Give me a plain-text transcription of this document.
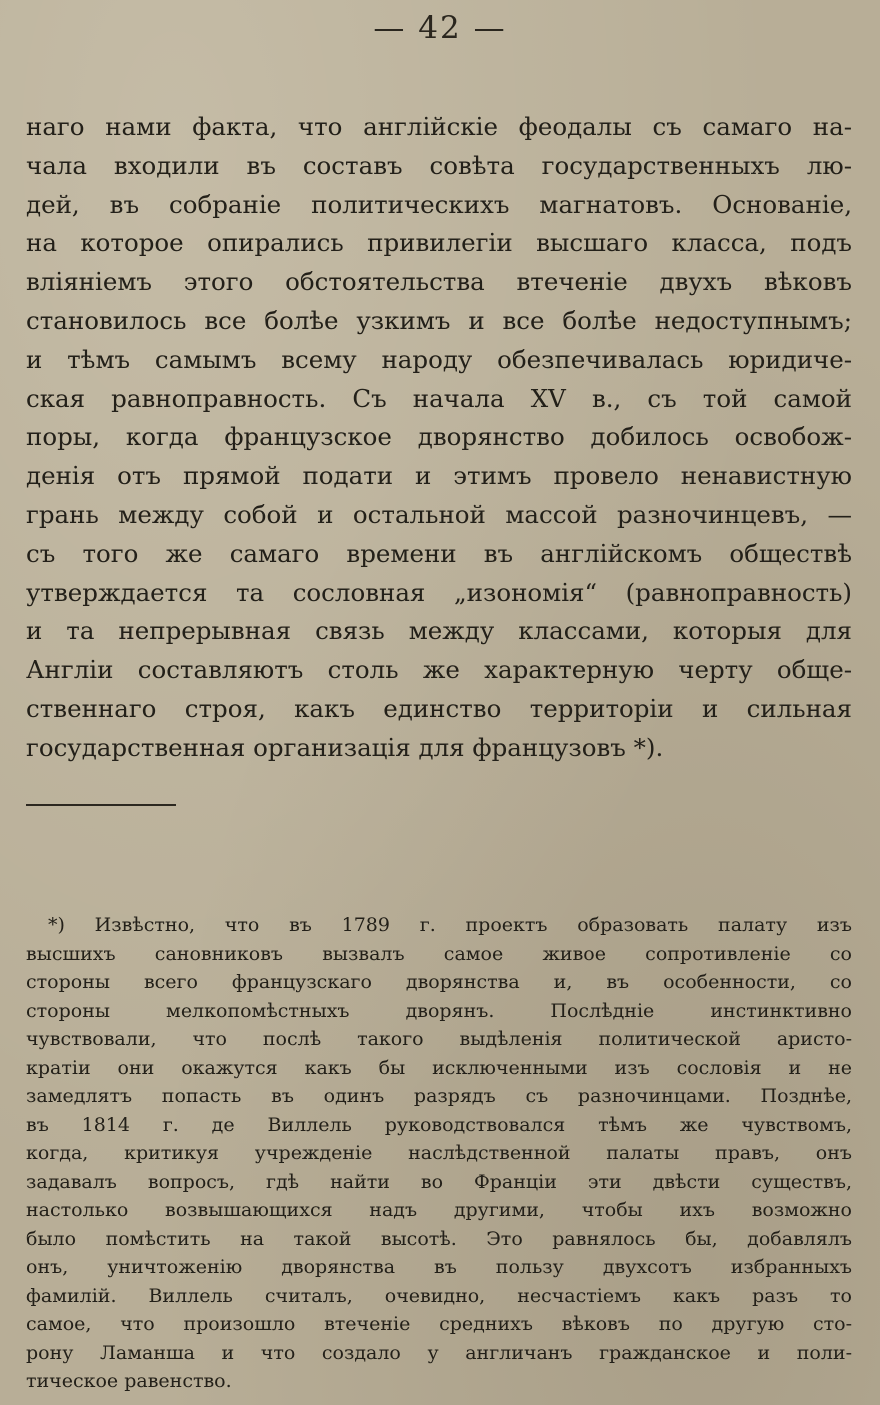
— 42 —
наго нами факта, что англійскіе феодалы съ самаго на-
чала входили въ составъ совѣта государственныхъ лю-
дей, въ собраніе политическихъ магнатовъ. Основаніе,
на которое опирались привилегіи высшаго класса, подъ
вліяніемъ этого обстоятельства втеченіе двухъ вѣковъ
становилось все болѣе узкимъ и все болѣе недоступнымъ;
и тѣмъ самымъ всему народу обезпечивалась юридиче-
ская равноправность. Съ начала XV в., съ той самой
поры, когда французское дворянство добилось освобож-
денія отъ прямой подати и этимъ провело ненавистную
грань между собой и остальной массой разночинцевъ, —
съ того же самаго времени въ англійскомъ обществѣ
утверждается та сословная „изономія“ (равноправность)
и та непрерывная связь между классами, которыя для
Англіи составляютъ столь же характерную черту обще-
ственнаго строя, какъ единство территоріи и сильная
государственная организація для французовъ *).
*) Извѣстно, что въ 1789 г. проектъ образовать палату изъ
высшихъ сановниковъ вызвалъ самое живое сопротивленіе со
стороны всего французскаго дворянства и, въ особенности, со
стороны мелкопомѣстныхъ дворянъ. Послѣдніе инстинктивно
чувствовали, что послѣ такого выдѣленія политической аристо-
кратіи они окажутся какъ бы исключенными изъ сословія и не
замедлятъ попасть въ одинъ разрядъ съ разночинцами. Позднѣе,
въ 1814 г. де Виллель руководствовался тѣмъ же чувствомъ,
когда, критикуя учрежденіе наслѣдственной палаты правъ, онъ
задавалъ вопросъ, гдѣ найти во Франціи эти двѣсти существъ,
настолько возвышающихся надъ другими, чтобы ихъ возможно
было помѣстить на такой высотѣ. Это равнялось бы, добавлялъ
онъ, уничтоженію дворянства въ пользу двухсотъ избранныхъ
фамилій. Виллель считалъ, очевидно, несчастіемъ какъ разъ то
самое, что произошло втеченіе среднихъ вѣковъ по другую сто-
рону Ламанша и что создало у англичанъ гражданское и поли-
тическое равенство.
